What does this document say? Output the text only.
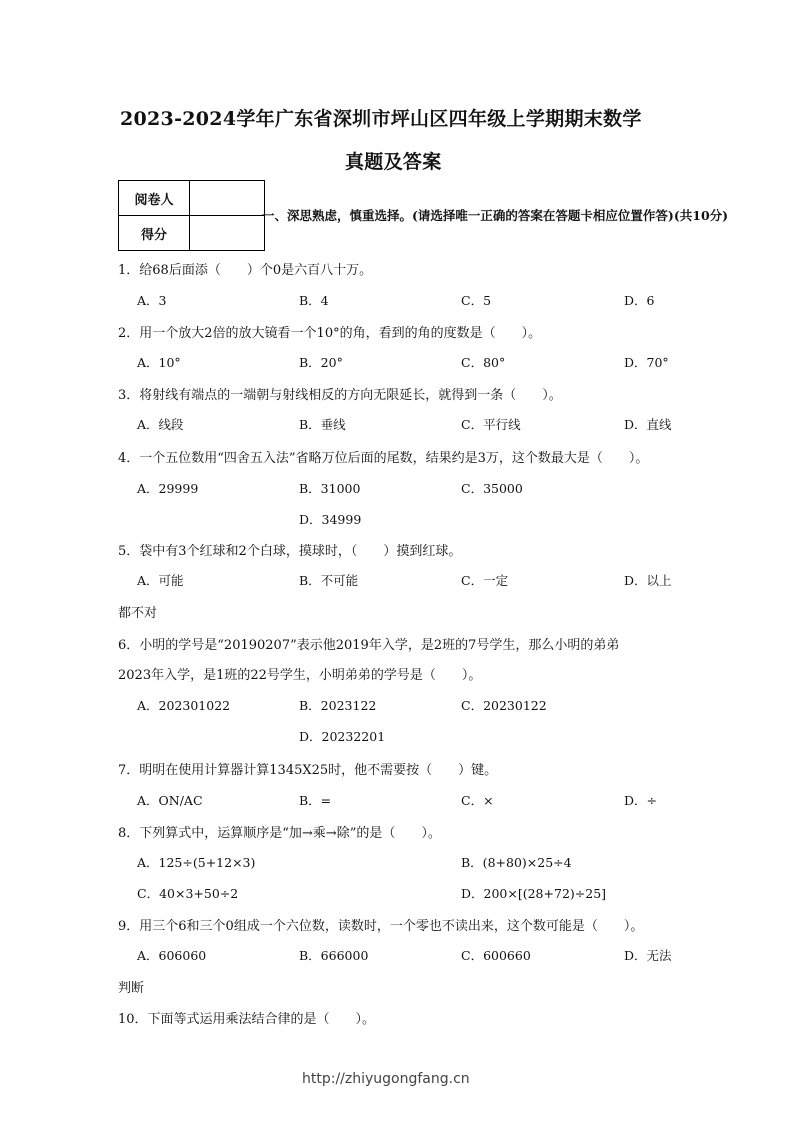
2023-2024学年广东省深圳市坪山区四年级上学期期末数学
真题及答案
阅卷人	
得分	
一、深思熟虑，慎重选择。(请选择唯一正确的答案在答题卡相应位置作答)(共10分)
1．给68后面添（　　）个0是六百八十万。
A．3	B．4	C．5	D．6
2．用一个放大2倍的放大镜看一个10°的角，看到的角的度数是（　　）。
A．10°	B．20°	C．80°	D．70°
3．将射线有端点的一端朝与射线相反的方向无限延长，就得到一条（　　）。
A．线段	B．垂线	C．平行线	D．直线
4．一个五位数用“四舍五入法”省略万位后面的尾数，结果约是3万，这个数最大是（　　）。
A．29999	B．31000	C．35000
D．34999
5．袋中有3个红球和2个白球，摸球时，（　　）摸到红球。
A．可能	B．不可能	C．一定	D．以上
都不对
6．小明的学号是“20190207”表示他2019年入学，是2班的7号学生，那么小明的弟弟
2023年入学，是1班的22号学生，小明弟弟的学号是（　　）。
A．202301022	B．2023122	C．20230122
D．20232201
7．明明在使用计算器计算1345X25时，他不需要按（　　）键。
A．ON/AC	B．=	C．×	D．÷
8．下列算式中，运算顺序是“加→乘→除”的是（　　）。
A．125÷(5+12×3)	B．(8+80)×25÷4
C．40×3+50÷2	D．200×[(28+72)÷25]
9．用三个6和三个0组成一个六位数，读数时，一个零也不读出来，这个数可能是（　　）。
A．606060	B．666000	C．600660	D．无法
判断
10．下面等式运用乘法结合律的是（　　）。
http://zhiyugongfang.cn
